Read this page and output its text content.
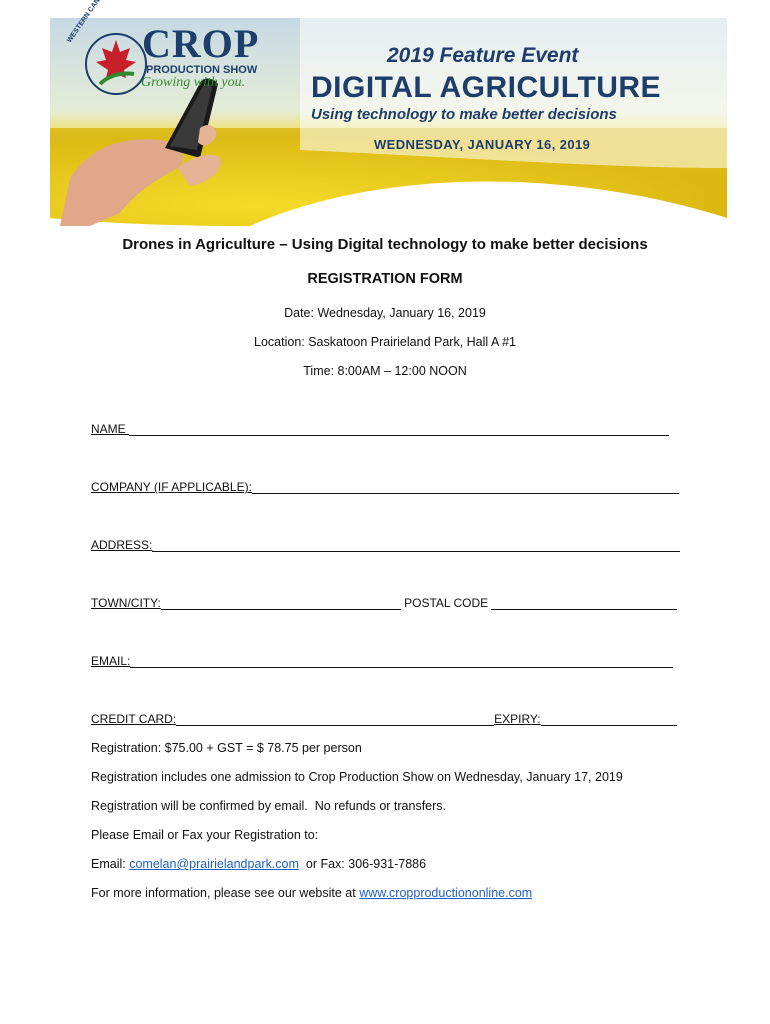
CROP
PRODUCTION SHOW
Growing with you.
2019 Feature Event
DIGITAL AGRICULTURE
Using technology to make better decisions
WEDNESDAY, JANUARY 16, 2019
Drones in Agriculture – Using Digital technology to make better decisions
REGISTRATION FORM
Date: Wednesday, January 16, 2019
Location: Saskatoon Prairieland Park, Hall A #1
Time: 8:00AM – 12:00 NOON
NAME
COMPANY (IF APPLICABLE):
ADDRESS:
TOWN/CITY:	POSTAL CODE
EMAIL:
CREDIT CARD:	EXPIRY:
Registration: $75.00 + GST = $ 78.75 per person
Registration includes one admission to Crop Production Show on Wednesday, January 17, 2019
Registration will be confirmed by email.  No refunds or transfers.
Please Email or Fax your Registration to:
Email: comelan@prairielandpark.com  or Fax: 306-931-7886
For more information, please see our website at www.cropproductiononline.com
